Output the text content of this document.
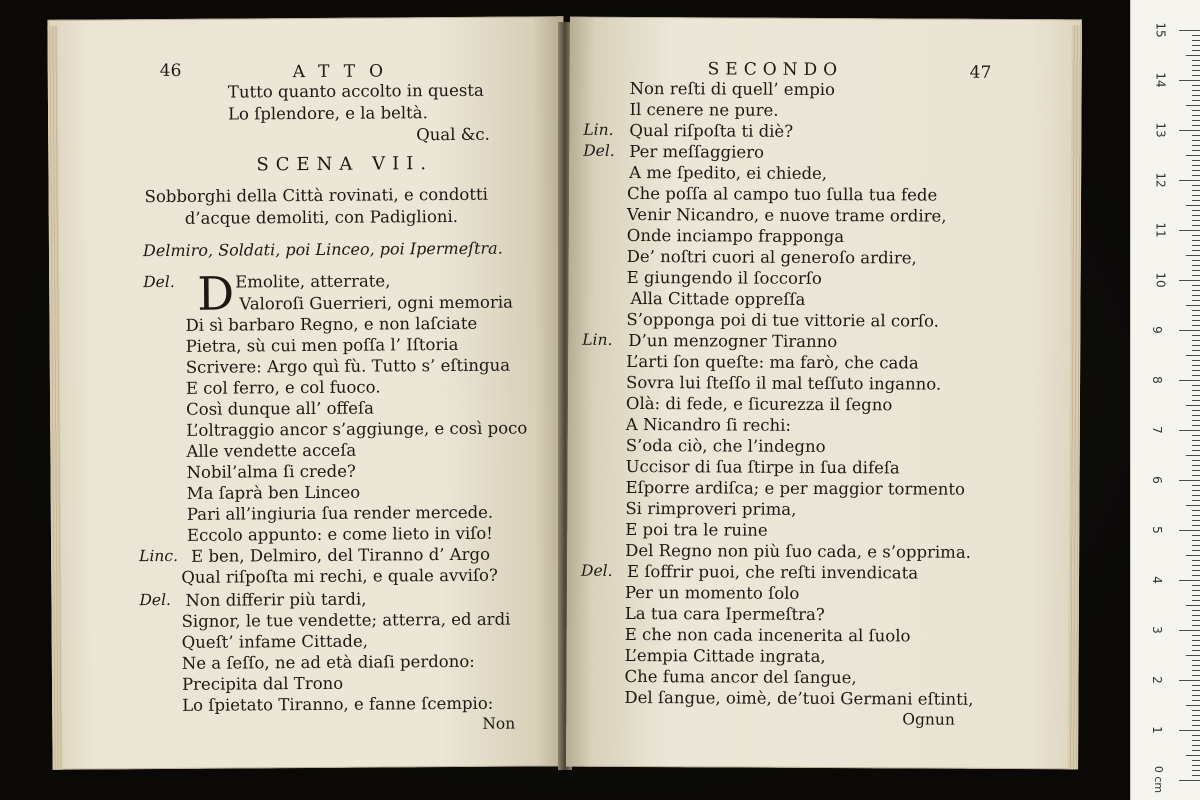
46	ATTO
Tutto quanto accolto in questa
Lo ſplendore, e la beltà.
Qual &c.
SCENA VII.
Sobborghi della Città rovinati, e condotti
d’acque demoliti, con Padiglioni.
Delmiro, Soldati, poi Linceo, poi Ipermeſtra.
Del. D Emolite, atterrate,
Valoroſi Guerrieri, ogni memoria
Di sì barbaro Regno, e non laſciate
Pietra, sù cui men poſſa l’ Iſtoria
Scrivere: Argo quì fù. Tutto s’ eſtingua
E col ferro, e col fuoco.
Così dunque all’ offeſa
L’oltraggio ancor s’aggiunge, e così poco
Alle vendette acceſa
Nobil’alma ſi crede?
Ma ſaprà ben Linceo
Pari all’ingiuria ſua render mercede.
Eccolo appunto: e come lieto in viſo!
Linc. E ben, Delmiro, del Tiranno d’ Argo
Qual riſpoſta mi rechi, e quale avviſo?
Del. Non differir più tardi,
Signor, le tue vendette; atterra, ed ardi
Queſt’ infame Cittade,
Ne a ſeſſo, ne ad età diaſi perdono:
Precipita dal Trono
Lo ſpietato Tiranno, e fanne ſcempio:
Non
SECONDO	47
Non reſti di quell’ empio
Il cenere ne pure.
Lin. Qual riſpoſta ti diè?
Del. Per meſſaggiero
A me ſpedito, ei chiede,
Che poſſa al campo tuo ſulla tua fede
Venir Nicandro, e nuove trame ordire,
Onde inciampo frapponga
De’ noſtri cuori al generoſo ardire,
E giungendo il ſoccorſo
Alla Cittade oppreſſa
S’opponga poi di tue vittorie al corſo.
Lin. D’un menzogner Tiranno
L’arti ſon queſte: ma farò, che cada
Sovra lui ſteſſo il mal teſſuto inganno.
Olà: di fede, e ſicurezza il ſegno
A Nicandro ſi rechi:
S’oda ciò, che l’indegno
Uccisor di ſua ſtirpe in ſua difeſa
Eſporre ardiſca; e per maggior tormento
Si rimproveri prima,
E poi tra le ruine
Del Regno non più ſuo cada, e s’opprima.
Del. E ſoffrir puoi, che reſti invendicata
Per un momento ſolo
La tua cara Ipermeſtra?
E che non cada incenerita al ſuolo
L’empia Cittade ingrata,
Che fuma ancor del ſangue,
Del ſangue, oimè, de’tuoi Germani eſtinti,
Ognun
0 cm
15
14
13
12
11
10
9
8
7
6
5
4
3
2
1
